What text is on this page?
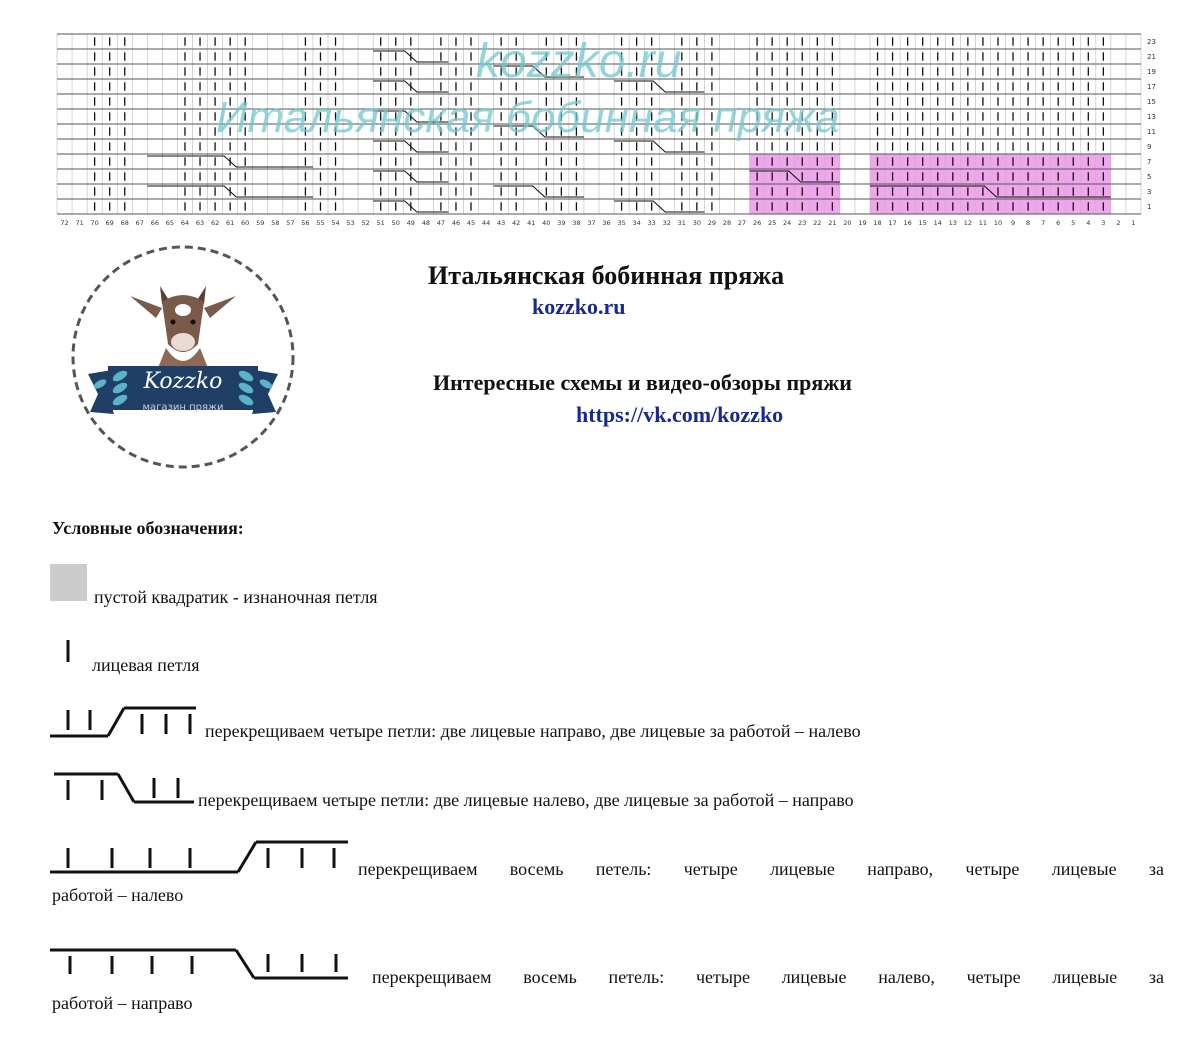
23
21
19
17
15
13
11
9
7
5
3
1
72 71 70 69 68 67 66 65 64 63 62 61 60 59 58 57 56 55 54 53 52 51 50 49 48 47 46 45 44 43 42 41 40 39 38 37 36 35 34 33 32 31 30 29 28 27 26 25 24 23 22 21 20 19 18 17 16 15 14 13 12 11 10 9 8 7 6 5 4 3 2 1
kozzko.ru
Итальянская бобинная пряжа
Kozzko
магазин пряжи
Итальянская бобинная пряжа
kozzko.ru
Интересные схемы и видео-обзоры пряжи
https://vk.com/kozzko
Условные обозначения:
пустой квадратик - изнаночная петля
лицевая петля
перекрещиваем четыре петли: две лицевые направо, две лицевые за работой – налево
перекрещиваем четыре петли: две лицевые налево, две лицевые за работой – направо
перекрещиваем восемь петель: четыре лицевые направо, четыре лицевые за
работой – налево
перекрещиваем восемь петель: четыре лицевые налево, четыре лицевые за
работой – направо
